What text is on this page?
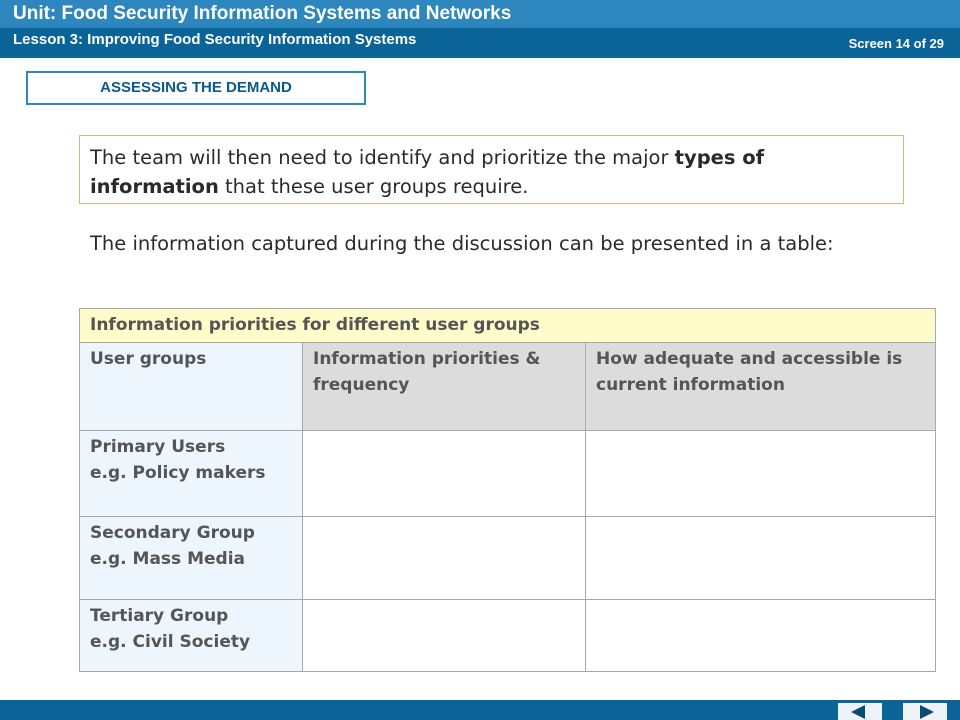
Unit: Food Security Information Systems and Networks
Lesson 3: Improving Food Security Information Systems	Screen 14 of 29
ASSESSING THE DEMAND
The team will then need to identify and prioritize the major types of information that these user groups require.
The information captured during the discussion can be presented in a table:
Information priorities for different user groups		
User groups	Information priorities & frequency	How adequate and accessible is current information

Primary Users
e.g. Policy makers		

Secondary Group
e.g. Mass Media		

Tertiary Group
e.g. Civil Society		
